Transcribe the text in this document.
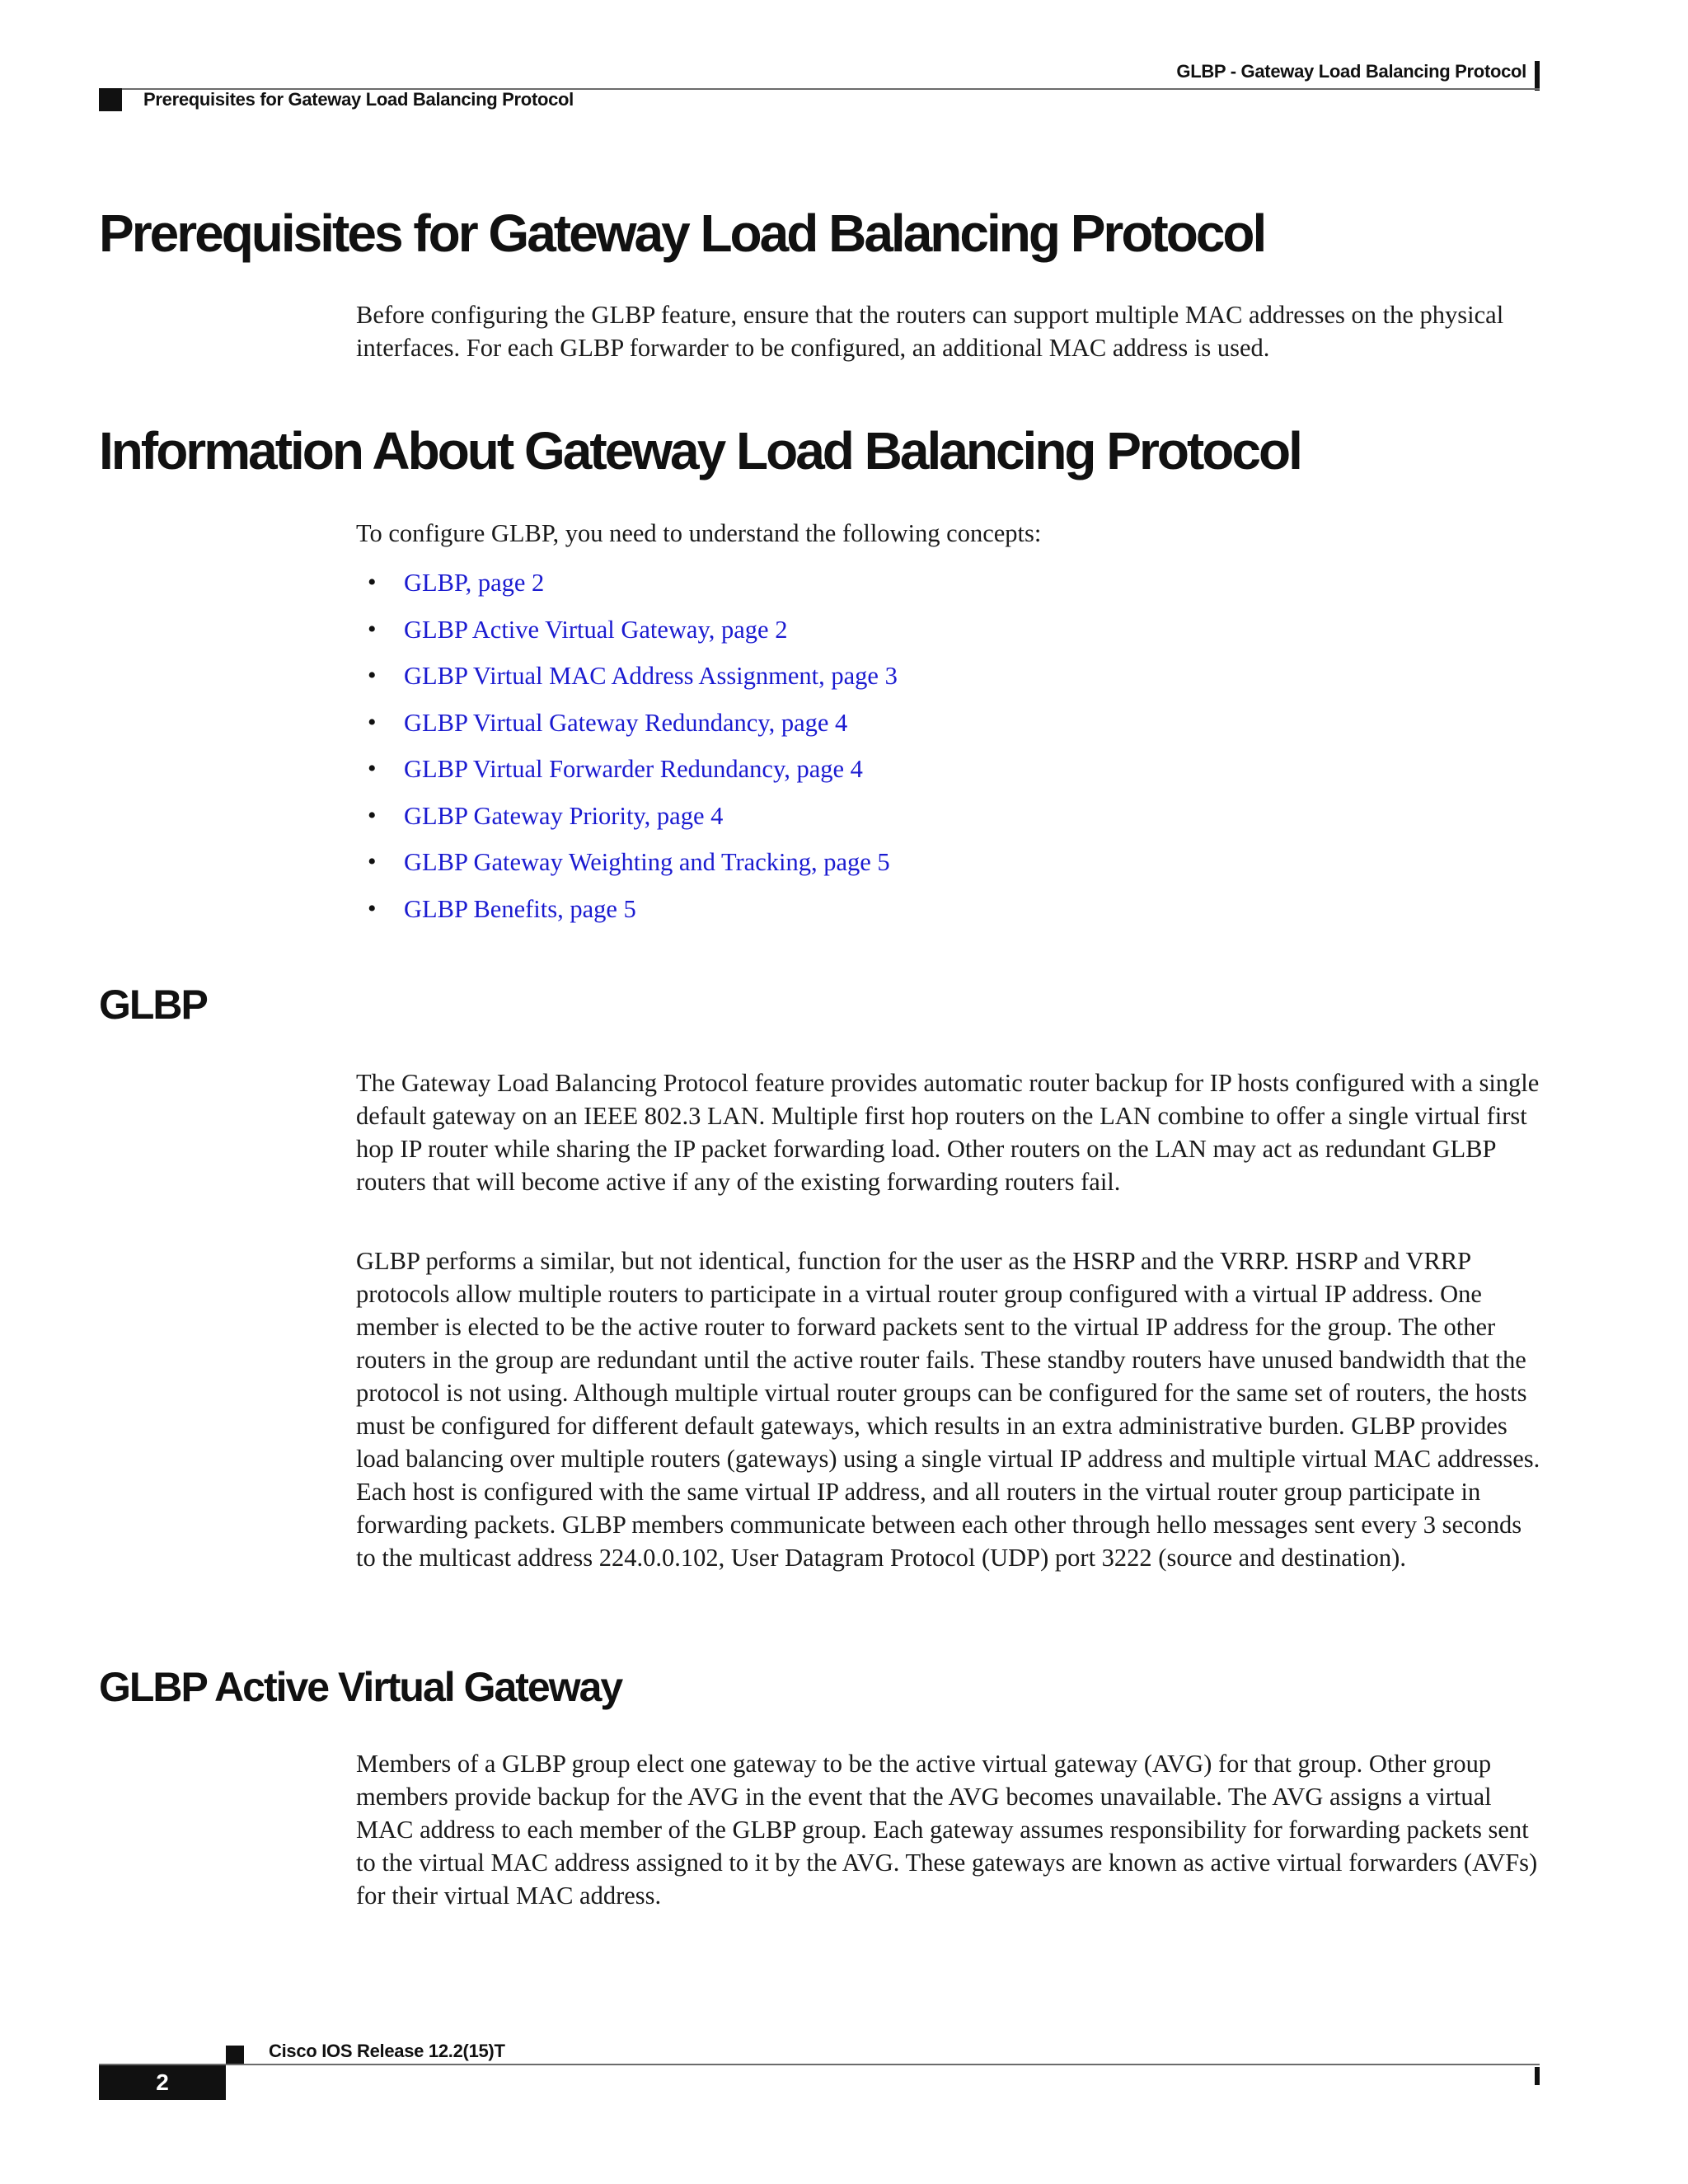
GLBP - Gateway Load Balancing Protocol
Prerequisites for Gateway Load Balancing Protocol
Prerequisites for Gateway Load Balancing Protocol

Before configuring the GLBP feature, ensure that the routers can support multiple MAC addresses on the physical interfaces. For each GLBP forwarder to be configured, an additional MAC address is used.

Information About Gateway Load Balancing Protocol

To configure GLBP, you need to understand the following concepts:

• GLBP, page 2
• GLBP Active Virtual Gateway, page 2
• GLBP Virtual MAC Address Assignment, page 3
• GLBP Virtual Gateway Redundancy, page 4
• GLBP Virtual Forwarder Redundancy, page 4
• GLBP Gateway Priority, page 4
• GLBP Gateway Weighting and Tracking, page 5
• GLBP Benefits, page 5
GLBP

The Gateway Load Balancing Protocol feature provides automatic router backup for IP hosts configured with a single default gateway on an IEEE 802.3 LAN. Multiple first hop routers on the LAN combine to offer a single virtual first hop IP router while sharing the IP packet forwarding load. Other routers on the LAN may act as redundant GLBP routers that will become active if any of the existing forwarding routers fail.

GLBP performs a similar, but not identical, function for the user as the HSRP and the VRRP. HSRP and VRRP protocols allow multiple routers to participate in a virtual router group configured with a virtual IP address. One member is elected to be the active router to forward packets sent to the virtual IP address for the group. The other routers in the group are redundant until the active router fails. These standby routers have unused bandwidth that the protocol is not using. Although multiple virtual router groups can be configured for the same set of routers, the hosts must be configured for different default gateways, which results in an extra administrative burden. GLBP provides load balancing over multiple routers (gateways) using a single virtual IP address and multiple virtual MAC addresses. Each host is configured with the same virtual IP address, and all routers in the virtual router group participate in forwarding packets. GLBP members communicate between each other through hello messages sent every 3 seconds to the multicast address 224.0.0.102, User Datagram Protocol (UDP) port 3222 (source and destination).

GLBP Active Virtual Gateway

Members of a GLBP group elect one gateway to be the active virtual gateway (AVG) for that group. Other group members provide backup for the AVG in the event that the AVG becomes unavailable. The AVG assigns a virtual MAC address to each member of the GLBP group. Each gateway assumes responsibility for forwarding packets sent to the virtual MAC address assigned to it by the AVG. These gateways are known as active virtual forwarders (AVFs) for their virtual MAC address.

Cisco IOS Release 12.2(15)T
2
